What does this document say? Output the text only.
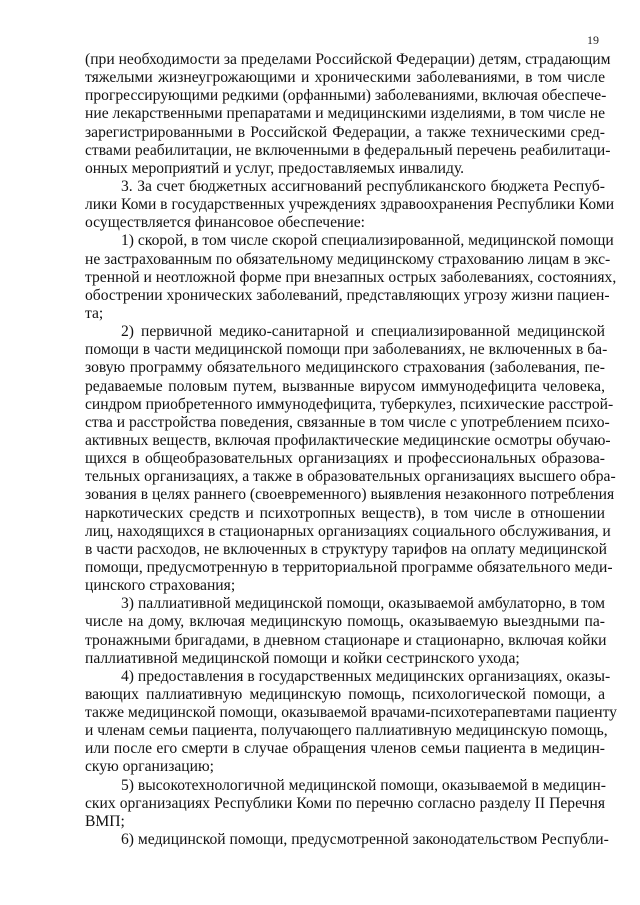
19
(при необходимости за пределами Российской Федерации) детям, страдающим
тяжелыми жизнеугрожающими и хроническими заболеваниями, в том числе
прогрессирующими редкими (орфанными) заболеваниями, включая обеспече-
ние лекарственными препаратами и медицинскими изделиями, в том числе не
зарегистрированными в Российской Федерации, а также техническими сред-
ствами реабилитации, не включенными в федеральный перечень реабилитаци-
онных мероприятий и услуг, предоставляемых инвалиду.
3. За счет бюджетных ассигнований республиканского бюджета Респуб-
лики Коми в государственных учреждениях здравоохранения Республики Коми
осуществляется финансовое обеспечение:
1) скорой, в том числе скорой специализированной, медицинской помощи
не застрахованным по обязательному медицинскому страхованию лицам в экс-
тренной и неотложной форме при внезапных острых заболеваниях, состояниях,
обострении хронических заболеваний, представляющих угрозу жизни пациен-
та;
2) первичной медико-санитарной и специализированной медицинской
помощи в части медицинской помощи при заболеваниях, не включенных в ба-
зовую программу обязательного медицинского страхования (заболевания, пе-
редаваемые половым путем, вызванные вирусом иммунодефицита человека,
синдром приобретенного иммунодефицита, туберкулез, психические расстрой-
ства и расстройства поведения, связанные в том числе с употреблением психо-
активных веществ, включая профилактические медицинские осмотры обучаю-
щихся в общеобразовательных организациях и профессиональных образова-
тельных организациях, а также в образовательных организациях высшего обра-
зования в целях раннего (своевременного) выявления незаконного потребления
наркотических средств и психотропных веществ), в том числе в отношении
лиц, находящихся в стационарных организациях социального обслуживания, и
в части расходов, не включенных в структуру тарифов на оплату медицинской
помощи, предусмотренную в территориальной программе обязательного меди-
цинского страхования;
3) паллиативной медицинской помощи, оказываемой амбулаторно, в том
числе на дому, включая медицинскую помощь, оказываемую выездными па-
тронажными бригадами, в дневном стационаре и стационарно, включая койки
паллиативной медицинской помощи и койки сестринского ухода;
4) предоставления в государственных медицинских организациях, оказы-
вающих паллиативную медицинскую помощь, психологической помощи, а
также медицинской помощи, оказываемой врачами-психотерапевтами пациенту
и членам семьи пациента, получающего паллиативную медицинскую помощь,
или после его смерти в случае обращения членов семьи пациента в медицин-
скую организацию;
5) высокотехнологичной медицинской помощи, оказываемой в медицин-
ских организациях Республики Коми по перечню согласно разделу II Перечня
ВМП;
6) медицинской помощи, предусмотренной законодательством Республи-
